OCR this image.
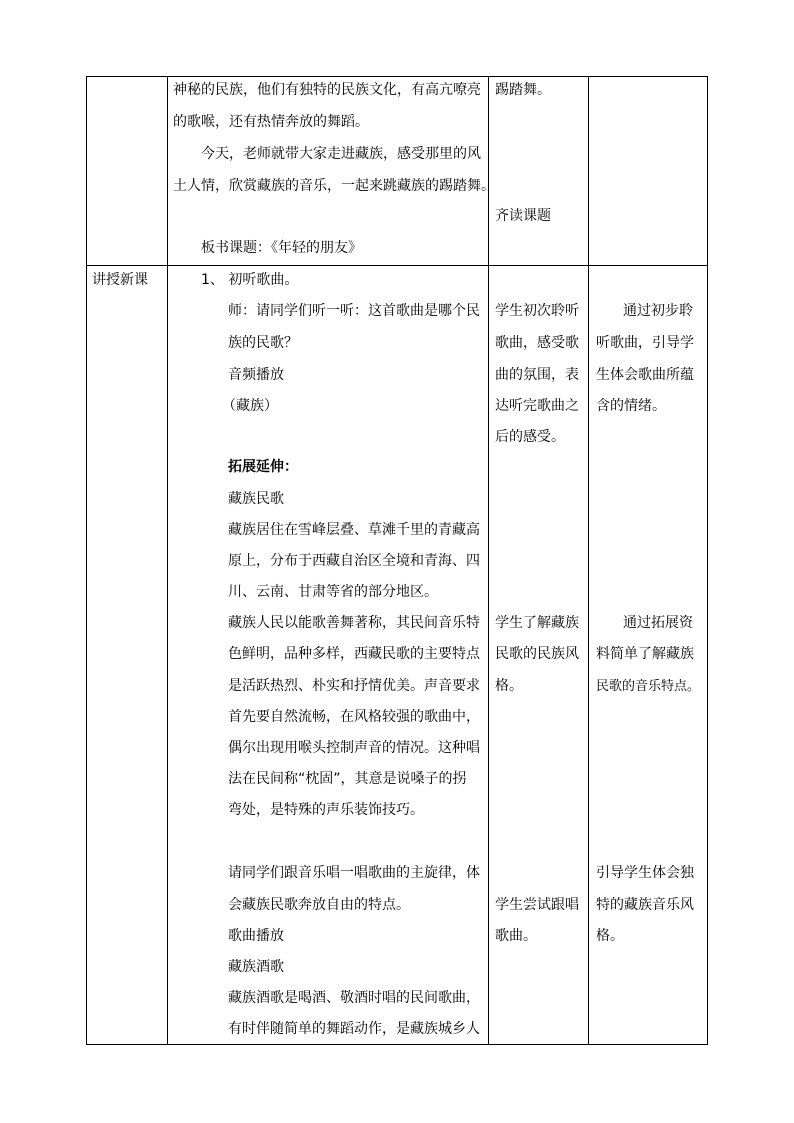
神秘的民族，他们有独特的民族文化，有高亢嘹亮
的歌喉，还有热情奔放的舞蹈。
今天，老师就带大家走进藏族，感受那里的风
土人情，欣赏藏族的音乐，一起来跳藏族的踢踏舞。
板书课题：《年轻的朋友》
踢踏舞。
齐读课题
讲授新课	1、 初听歌曲。
师：请同学们听一听：这首歌曲是哪个民
族的民歌？
音频播放
（藏族）
拓展延伸：
藏族民歌
藏族居住在雪峰层叠、草滩千里的青藏高
原上，分布于西藏自治区全境和青海、四
川、云南、甘肃等省的部分地区。
藏族人民以能歌善舞著称，其民间音乐特
色鲜明，品种多样，西藏民歌的主要特点
是活跃热烈、朴实和抒情优美。声音要求
首先要自然流畅，在风格较强的歌曲中，
偶尔出现用喉头控制声音的情况。这种唱
法在民间称“枕固”，其意是说嗓子的拐
弯处，是特殊的声乐装饰技巧。
请同学们跟音乐唱一唱歌曲的主旋律，体
会藏族民歌奔放自由的特点。
歌曲播放
藏族酒歌
藏族酒歌是喝酒、敬酒时唱的民间歌曲，
有时伴随简单的舞蹈动作，是藏族城乡人
学生初次聆听
歌曲，感受歌
曲的氛围，表
达听完歌曲之
后的感受。
学生了解藏族
民歌的民族风
格。
学生尝试跟唱
歌曲。
通过初步聆
听歌曲，引导学
生体会歌曲所蕴
含的情绪。
通过拓展资
料简单了解藏族
民歌的音乐特点。
引导学生体会独
特的藏族音乐风
格。
